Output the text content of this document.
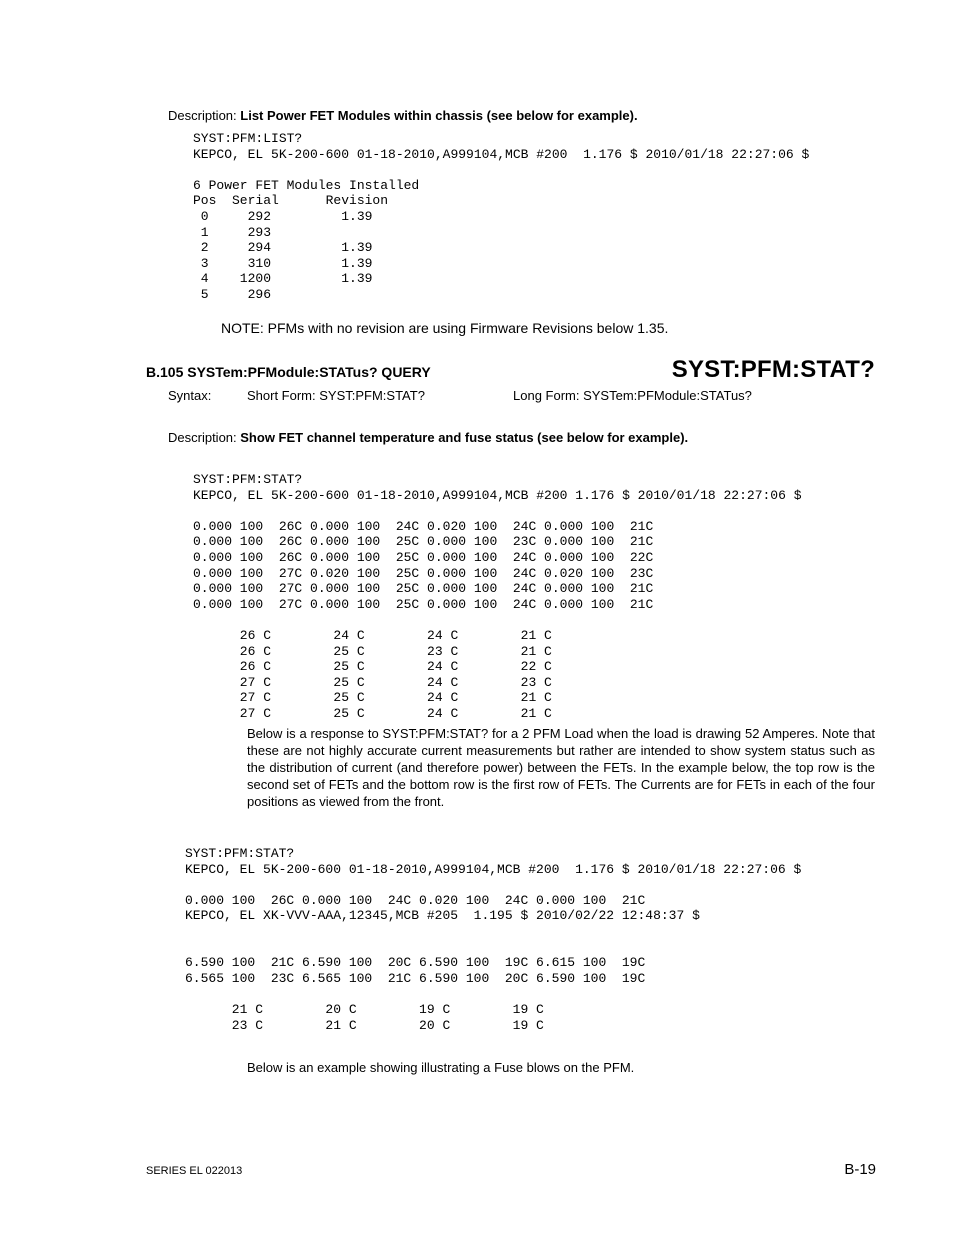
Description: List Power FET Modules within chassis (see below for example).
SYST:PFM:LIST?
KEPCO, EL 5K-200-600 01-18-2010,A999104,MCB #200  1.176 $ 2010/01/18 22:27:06 $

6 Power FET Modules Installed
Pos  Serial      Revision
0     292         1.39
1     293
2     294         1.39
3     310         1.39
4    1200         1.39
5     296
NOTE: PFMs with no revision are using Firmware Revisions below 1.35.
B.105 SYSTem:PFModule:STATus? QUERY	SYST:PFM:STAT?
Syntax:	Short Form: SYST:PFM:STAT?	Long Form: SYSTem:PFModule:STATus?
Description: Show FET channel temperature and fuse status (see below for example).
SYST:PFM:STAT?
KEPCO, EL 5K-200-600 01-18-2010,A999104,MCB #200 1.176 $ 2010/01/18 22:27:06 $

0.000 100  26C 0.000 100  24C 0.020 100  24C 0.000 100  21C
0.000 100  26C 0.000 100  25C 0.000 100  23C 0.000 100  21C
0.000 100  26C 0.000 100  25C 0.000 100  24C 0.000 100  22C
0.000 100  27C 0.020 100  25C 0.000 100  24C 0.020 100  23C
0.000 100  27C 0.000 100  25C 0.000 100  24C 0.000 100  21C
0.000 100  27C 0.000 100  25C 0.000 100  24C 0.000 100  21C

26 C        24 C        24 C        21 C
26 C        25 C        23 C        21 C
26 C        25 C        24 C        22 C
27 C        25 C        24 C        23 C
27 C        25 C        24 C        21 C
27 C        25 C        24 C        21 C
Below is a response to SYST:PFM:STAT? for a 2 PFM Load when the load is drawing 52 Amperes. Note that these are not highly accurate current measurements but rather are intended to show system status such as the distribution of current (and therefore power) between the FETs. In the example below, the top row is the second set of FETs and the bottom row is the first row of FETs. The Currents are for FETs in each of the four positions as viewed from the front.
SYST:PFM:STAT?
KEPCO, EL 5K-200-600 01-18-2010,A999104,MCB #200  1.176 $ 2010/01/18 22:27:06 $

0.000 100  26C 0.000 100  24C 0.020 100  24C 0.000 100  21C
KEPCO, EL XK-VVV-AAA,12345,MCB #205  1.195 $ 2010/02/22 12:48:37 $

6.590 100  21C 6.590 100  20C 6.590 100  19C 6.615 100  19C
6.565 100  23C 6.565 100  21C 6.590 100  20C 6.590 100  19C

21 C        20 C        19 C        19 C
23 C        21 C        20 C        19 C
Below is an example showing illustrating a Fuse blows on the PFM.
SERIES EL 022013	B-19
